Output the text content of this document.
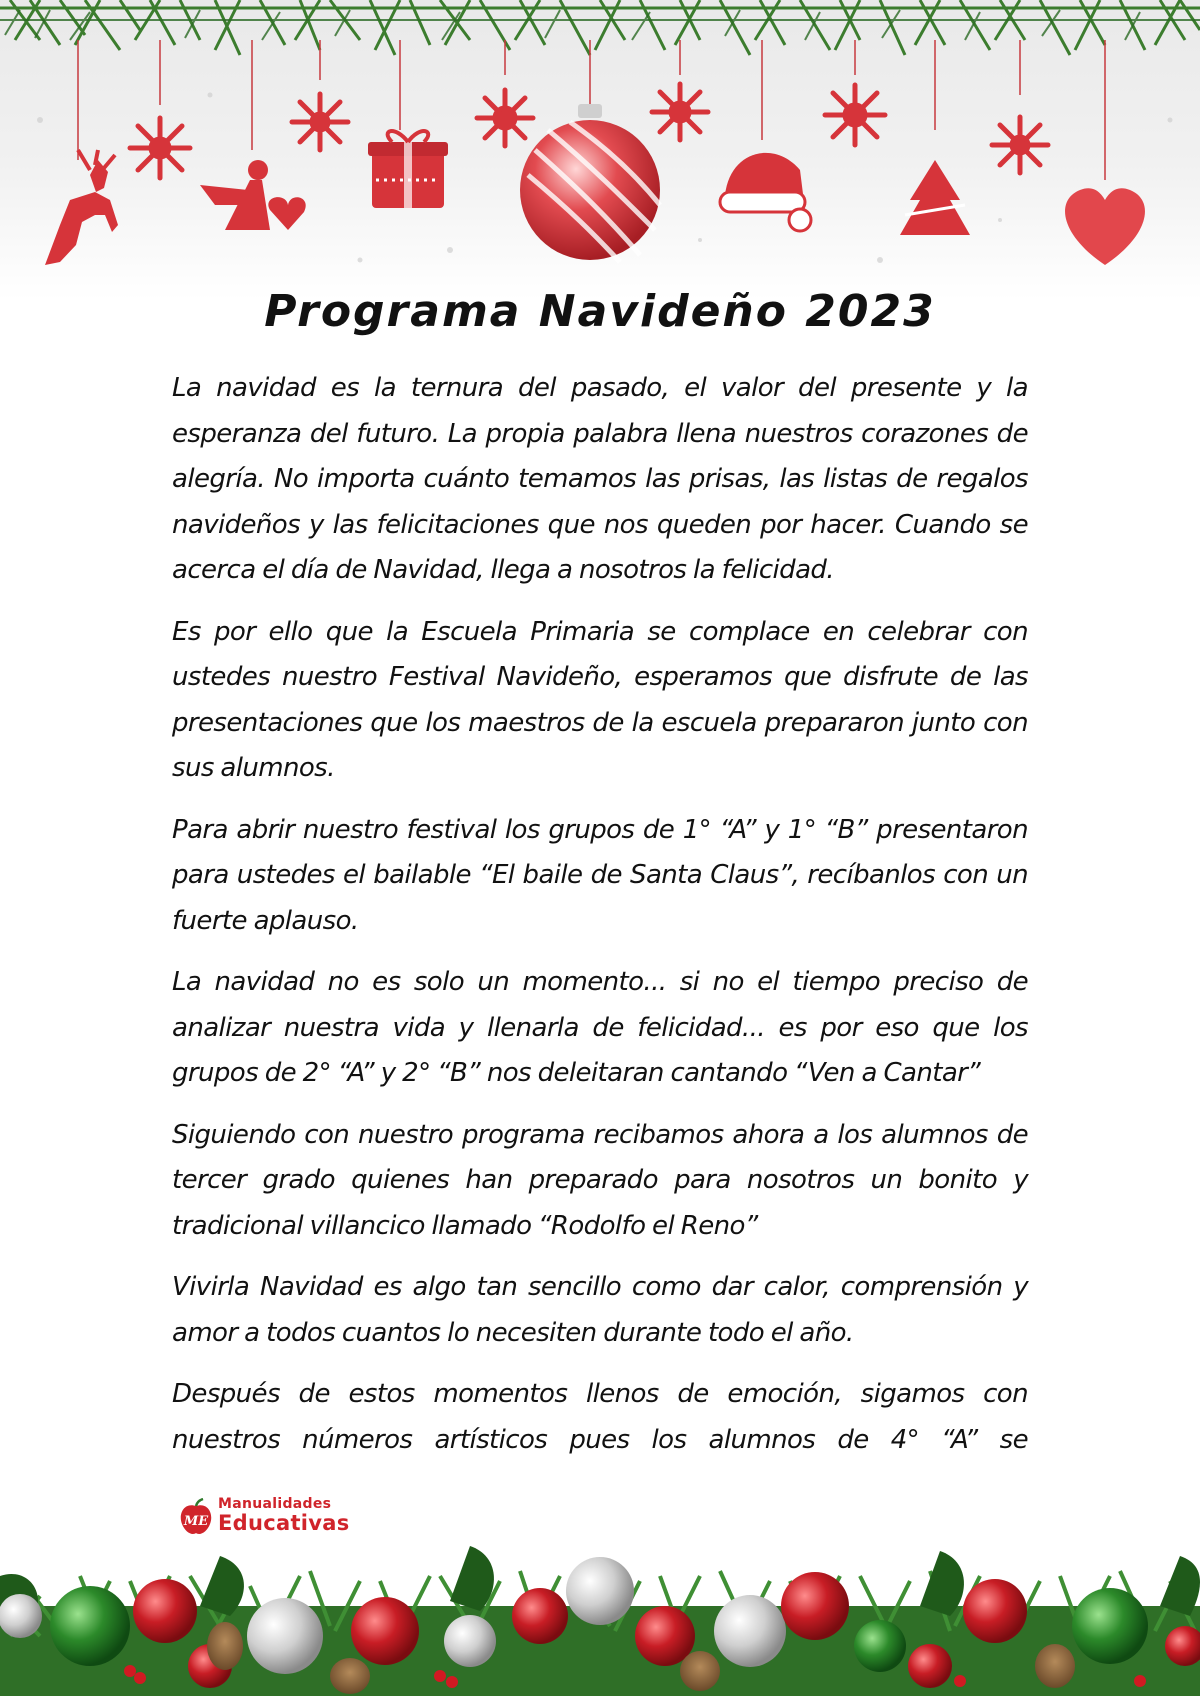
Programa Navideño 2023

La navidad es la ternura del pasado, el valor del presente y la esperanza del futuro. La propia palabra llena nuestros corazones de alegría. No importa cuánto temamos las prisas, las listas de regalos navideños y las felicitaciones que nos queden por hacer. Cuando se acerca el día de Navidad, llega a nosotros la felicidad.

Es por ello que la Escuela Primaria se complace en celebrar con ustedes nuestro Festival Navideño, esperamos que disfrute de las presentaciones que los maestros de la escuela prepararon junto con sus alumnos.

Para abrir nuestro festival los grupos de 1° “A” y 1° “B” presentaron para ustedes el bailable “El baile de Santa Claus”, recíbanlos con un fuerte aplauso.

La navidad no es solo un momento... si no el tiempo preciso de analizar nuestra vida y llenarla de felicidad... es por eso que los grupos de 2° “A” y 2° “B” nos deleitaran cantando “Ven a Cantar”

Siguiendo con nuestro programa recibamos ahora a los alumnos de tercer grado quienes han preparado para nosotros un bonito y tradicional villancico llamado “Rodolfo el Reno”

Vivirla Navidad es algo tan sencillo como dar calor, comprensión y amor a todos cuantos lo necesiten durante todo el año.

Después de estos momentos llenos de emoción, sigamos con nuestros números artísticos pues los alumnos de 4° “A” se

ME
Manualidades
Educativas
